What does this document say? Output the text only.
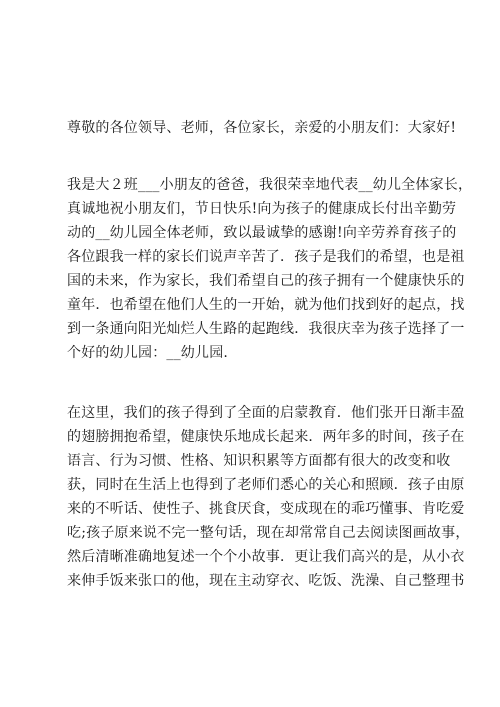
尊敬的各位领导、老师，各位家长，亲爱的小朋友们：大家好!
我是大２班___小朋友的爸爸，我很荣幸地代表__幼儿全体家长，
真诚地祝小朋友们，节日快乐!向为孩子的健康成长付出辛勤劳
动的__幼儿园全体老师，致以最诚挚的感谢!向辛劳养育孩子的
各位跟我一样的家长们说声辛苦了．孩子是我们的希望，也是祖
国的未来，作为家长，我们希望自己的孩子拥有一个健康快乐的
童年．也希望在他们人生的一开始，就为他们找到好的起点，找
到一条通向阳光灿烂人生路的起跑线．我很庆幸为孩子选择了一
个好的幼儿园：__幼儿园.
在这里，我们的孩子得到了全面的启蒙教育．他们张开日渐丰盈
的翅膀拥抱希望，健康快乐地成长起来．两年多的时间，孩子在
语言、行为习惯、性格、知识积累等方面都有很大的改变和收
获，同时在生活上也得到了老师们悉心的关心和照顾．孩子由原
来的不听话、使性子、挑食厌食，变成现在的乖巧懂事、肯吃爱
吃;孩子原来说不完一整句话，现在却常常自己去阅读图画故事，
然后清晰准确地复述一个个小故事．更让我们高兴的是，从小衣
来伸手饭来张口的他，现在主动穿衣、吃饭、洗澡、自己整理书
